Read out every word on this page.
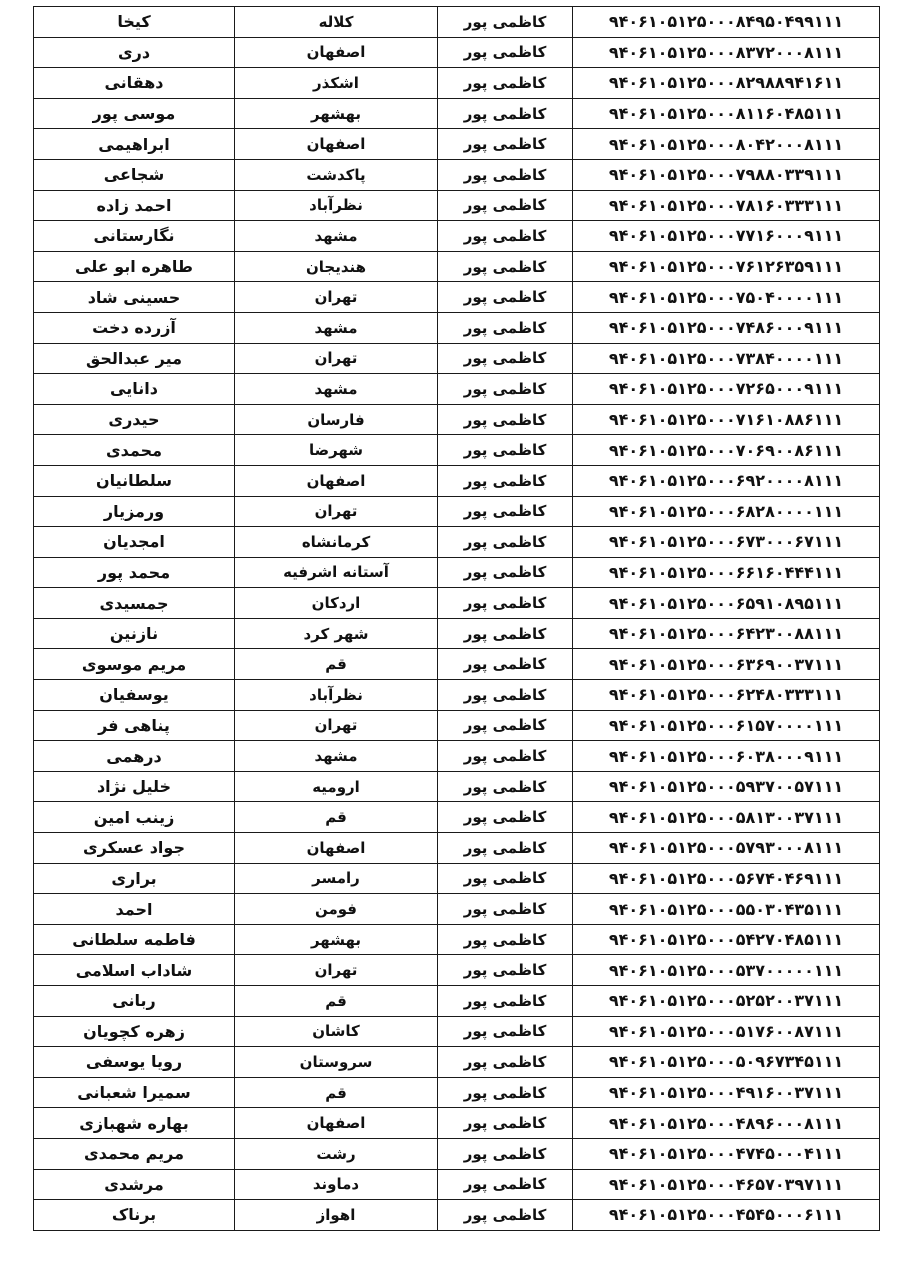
کیخا	کلاله	کاظمی پور	۹۴۰۶۱۰۵۱۲۵۰۰۰۸۴۹۵۰۴۹۹۱۱۱
دری	اصفهان	کاظمی پور	۹۴۰۶۱۰۵۱۲۵۰۰۰۸۳۷۲۰۰۰۸۱۱۱
دهقانی	اشکذر	کاظمی پور	۹۴۰۶۱۰۵۱۲۵۰۰۰۸۲۹۸۸۹۴۱۶۱۱
موسی پور	بهشهر	کاظمی پور	۹۴۰۶۱۰۵۱۲۵۰۰۰۸۱۱۶۰۴۸۵۱۱۱
ابراهیمی	اصفهان	کاظمی پور	۹۴۰۶۱۰۵۱۲۵۰۰۰۸۰۴۲۰۰۰۸۱۱۱
شجاعی	پاکدشت	کاظمی پور	۹۴۰۶۱۰۵۱۲۵۰۰۰۷۹۸۸۰۳۳۹۱۱۱
احمد زاده	نظرآباد	کاظمی پور	۹۴۰۶۱۰۵۱۲۵۰۰۰۷۸۱۶۰۳۳۳۱۱۱
نگارستانی	مشهد	کاظمی پور	۹۴۰۶۱۰۵۱۲۵۰۰۰۷۷۱۶۰۰۰۹۱۱۱
طاهره ابو علی	هندیجان	کاظمی پور	۹۴۰۶۱۰۵۱۲۵۰۰۰۷۶۱۲۶۳۵۹۱۱۱
حسینی شاد	تهران	کاظمی پور	۹۴۰۶۱۰۵۱۲۵۰۰۰۷۵۰۴۰۰۰۰۱۱۱
آزرده دخت	مشهد	کاظمی پور	۹۴۰۶۱۰۵۱۲۵۰۰۰۷۴۸۶۰۰۰۹۱۱۱
میر عبدالحق	تهران	کاظمی پور	۹۴۰۶۱۰۵۱۲۵۰۰۰۷۳۸۴۰۰۰۰۱۱۱
دانایی	مشهد	کاظمی پور	۹۴۰۶۱۰۵۱۲۵۰۰۰۷۲۶۵۰۰۰۹۱۱۱
حیدری	فارسان	کاظمی پور	۹۴۰۶۱۰۵۱۲۵۰۰۰۷۱۶۱۰۸۸۶۱۱۱
محمدی	شهرضا	کاظمی پور	۹۴۰۶۱۰۵۱۲۵۰۰۰۷۰۶۹۰۰۸۶۱۱۱
سلطانیان	اصفهان	کاظمی پور	۹۴۰۶۱۰۵۱۲۵۰۰۰۶۹۲۰۰۰۰۸۱۱۱
ورمزیار	تهران	کاظمی پور	۹۴۰۶۱۰۵۱۲۵۰۰۰۶۸۲۸۰۰۰۰۱۱۱
امجدیان	کرمانشاه	کاظمی پور	۹۴۰۶۱۰۵۱۲۵۰۰۰۶۷۳۰۰۰۶۷۱۱۱
محمد پور	آستانه اشرفیه	کاظمی پور	۹۴۰۶۱۰۵۱۲۵۰۰۰۶۶۱۶۰۴۴۴۱۱۱
جمسیدی	اردکان	کاظمی پور	۹۴۰۶۱۰۵۱۲۵۰۰۰۶۵۹۱۰۸۹۵۱۱۱
نازنین	شهر کرد	کاظمی پور	۹۴۰۶۱۰۵۱۲۵۰۰۰۶۴۲۳۰۰۸۸۱۱۱
مریم موسوی	قم	کاظمی پور	۹۴۰۶۱۰۵۱۲۵۰۰۰۶۳۶۹۰۰۳۷۱۱۱
یوسفیان	نظرآباد	کاظمی پور	۹۴۰۶۱۰۵۱۲۵۰۰۰۶۲۴۸۰۳۳۳۱۱۱
پناهی فر	تهران	کاظمی پور	۹۴۰۶۱۰۵۱۲۵۰۰۰۶۱۵۷۰۰۰۰۱۱۱
درهمی	مشهد	کاظمی پور	۹۴۰۶۱۰۵۱۲۵۰۰۰۶۰۳۸۰۰۰۹۱۱۱
خلیل نژاد	ارومیه	کاظمی پور	۹۴۰۶۱۰۵۱۲۵۰۰۰۵۹۳۷۰۰۵۷۱۱۱
زینب امین	قم	کاظمی پور	۹۴۰۶۱۰۵۱۲۵۰۰۰۵۸۱۳۰۰۳۷۱۱۱
جواد عسکری	اصفهان	کاظمی پور	۹۴۰۶۱۰۵۱۲۵۰۰۰۵۷۹۳۰۰۰۸۱۱۱
براری	رامسر	کاظمی پور	۹۴۰۶۱۰۵۱۲۵۰۰۰۵۶۷۴۰۴۶۹۱۱۱
احمد	فومن	کاظمی پور	۹۴۰۶۱۰۵۱۲۵۰۰۰۵۵۰۳۰۴۳۵۱۱۱
فاطمه سلطانی	بهشهر	کاظمی پور	۹۴۰۶۱۰۵۱۲۵۰۰۰۵۴۲۷۰۴۸۵۱۱۱
شاداب اسلامی	تهران	کاظمی پور	۹۴۰۶۱۰۵۱۲۵۰۰۰۵۳۷۰۰۰۰۰۱۱۱
ربانی	قم	کاظمی پور	۹۴۰۶۱۰۵۱۲۵۰۰۰۵۲۵۲۰۰۳۷۱۱۱
زهره کچویان	کاشان	کاظمی پور	۹۴۰۶۱۰۵۱۲۵۰۰۰۵۱۷۶۰۰۸۷۱۱۱
رویا یوسفی	سروستان	کاظمی پور	۹۴۰۶۱۰۵۱۲۵۰۰۰۵۰۹۶۷۳۴۵۱۱۱
سمیرا شعبانی	قم	کاظمی پور	۹۴۰۶۱۰۵۱۲۵۰۰۰۴۹۱۶۰۰۳۷۱۱۱
بهاره شهبازی	اصفهان	کاظمی پور	۹۴۰۶۱۰۵۱۲۵۰۰۰۴۸۹۶۰۰۰۸۱۱۱
مریم محمدی	رشت	کاظمی پور	۹۴۰۶۱۰۵۱۲۵۰۰۰۴۷۴۵۰۰۰۴۱۱۱
مرشدی	دماوند	کاظمی پور	۹۴۰۶۱۰۵۱۲۵۰۰۰۴۶۵۷۰۳۹۷۱۱۱
برناک	اهواز	کاظمی پور	۹۴۰۶۱۰۵۱۲۵۰۰۰۴۵۴۵۰۰۰۶۱۱۱
